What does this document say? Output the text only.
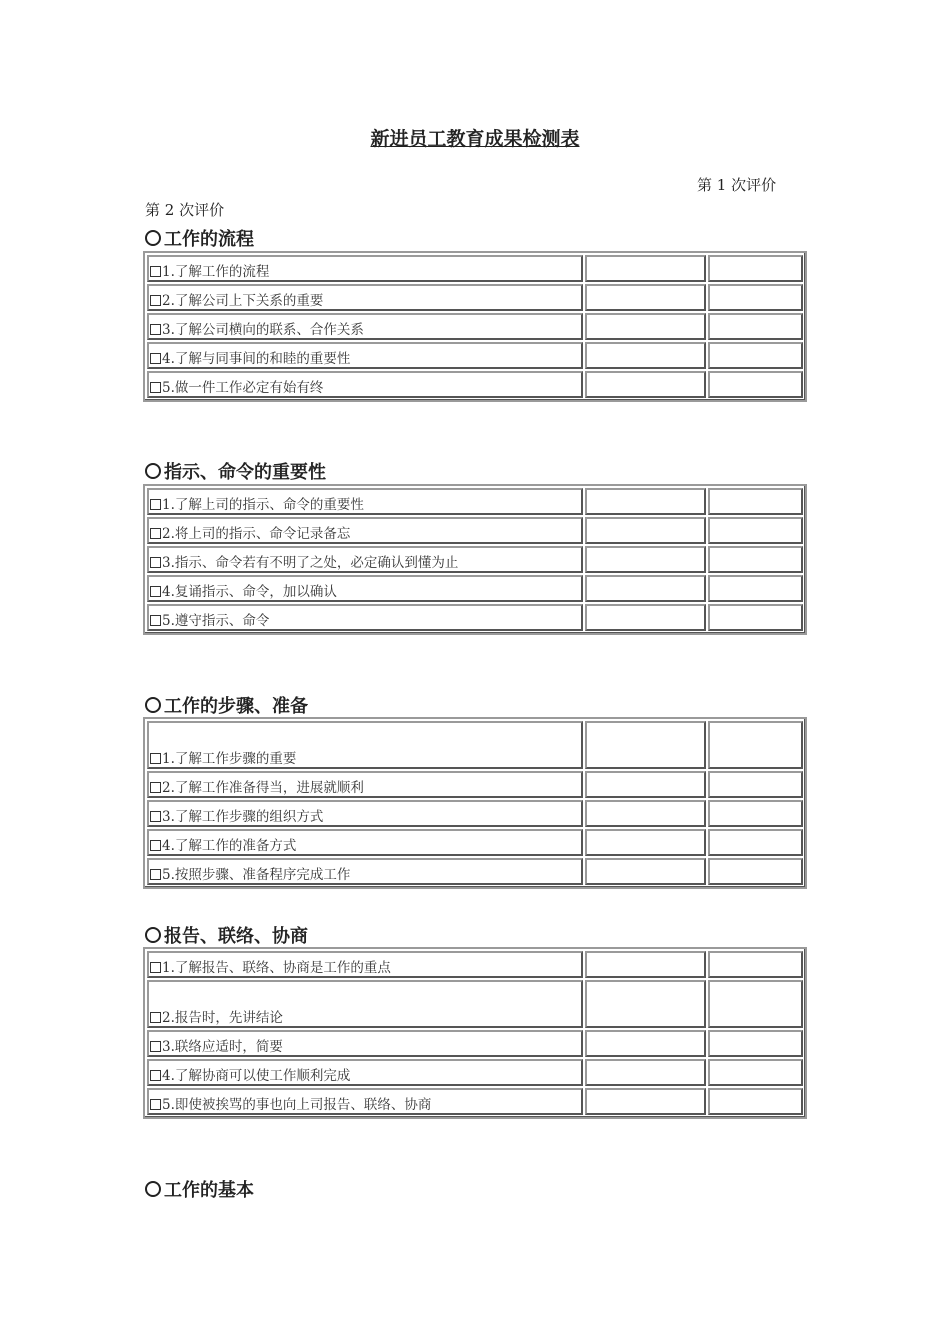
新进员工教育成果检测表
第 1 次评价
第 2 次评价
工作的流程
1.了解工作的流程		
2.了解公司上下关系的重要		
3.了解公司横向的联系、合作关系		
4.了解与同事间的和睦的重要性		
5.做一件工作必定有始有终		
指示、命令的重要性
1.了解上司的指示、命令的重要性		
2.将上司的指示、命令记录备忘		
3.指示、命令若有不明了之处，必定确认到懂为止		
4.复诵指示、命令，加以确认		
5.遵守指示、命令		
工作的步骤、准备
1.了解工作步骤的重要		
2.了解工作准备得当，进展就顺利		
3.了解工作步骤的组织方式		
4.了解工作的准备方式		
5.按照步骤、准备程序完成工作		
报告、联络、协商
1.了解报告、联络、协商是工作的重点		
2.报告时，先讲结论		
3.联络应适时，简要		
4.了解协商可以使工作顺利完成		
5.即使被挨骂的事也向上司报告、联络、协商		
工作的基本
